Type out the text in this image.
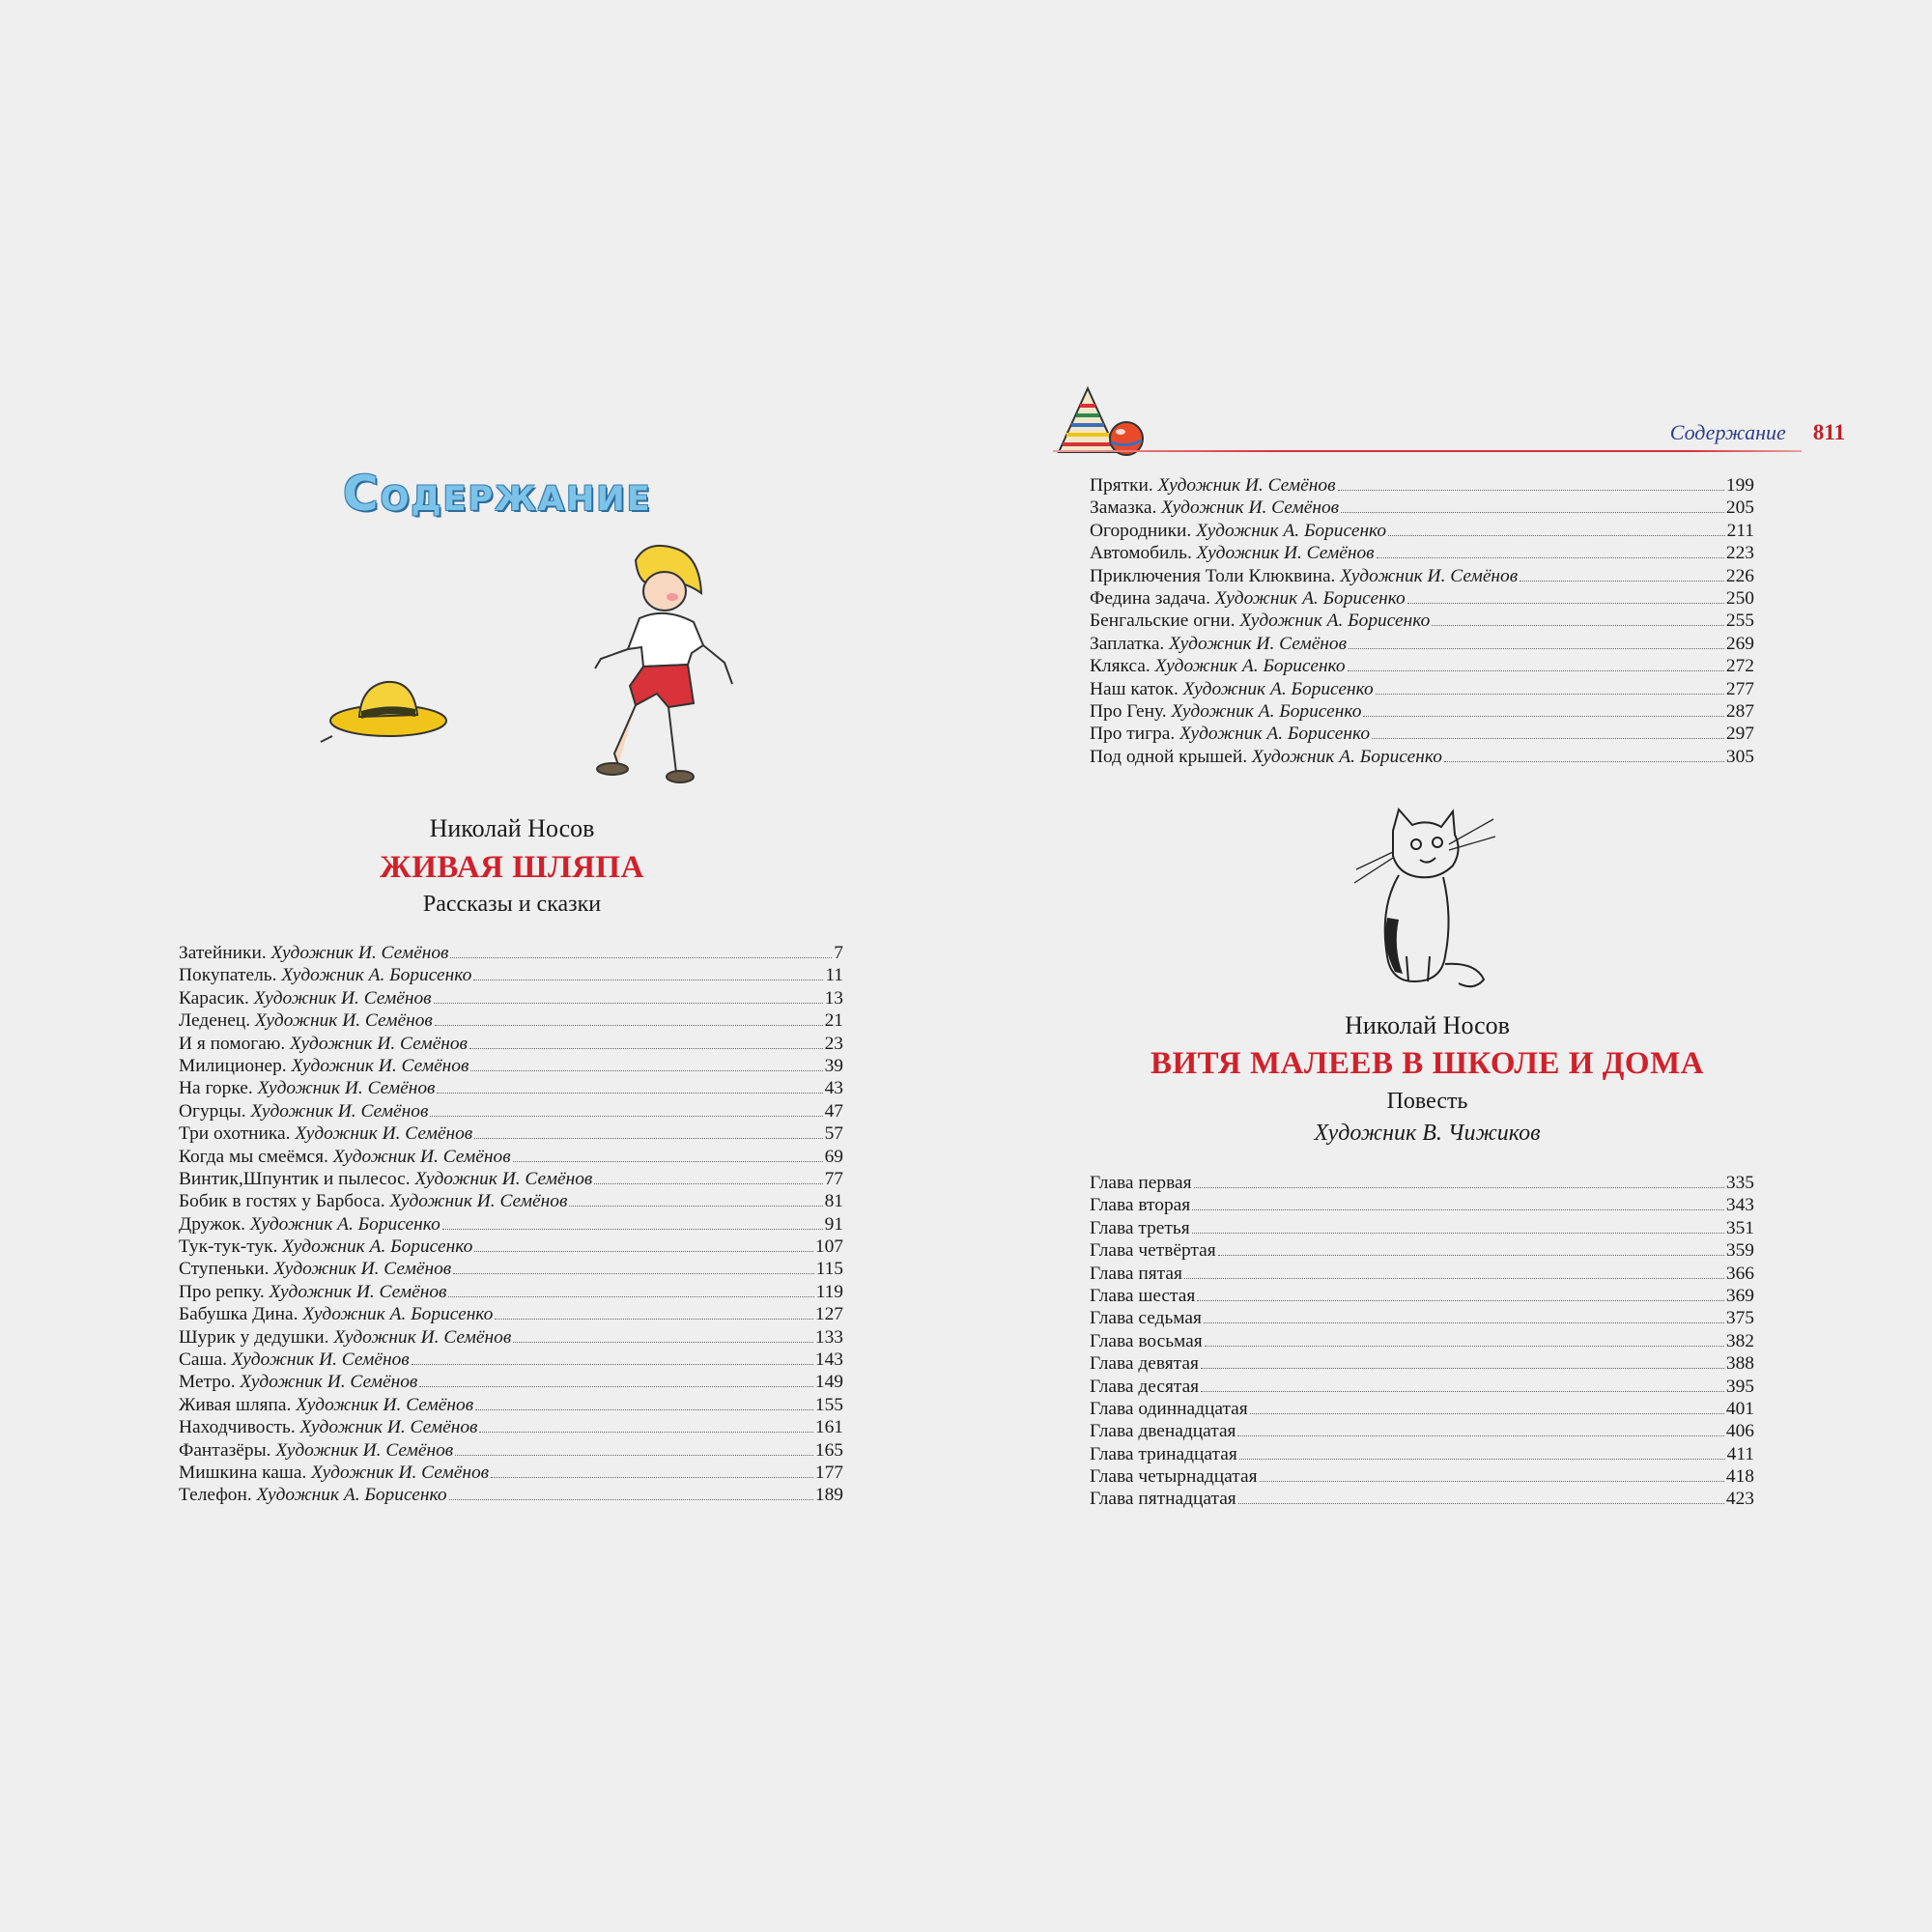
Содержание
Николай Носов
ЖИВАЯ ШЛЯПА
Рассказы и сказки
Затейники. Художник И. Семёнов	7
Покупатель. Художник А. Борисенко	11
Карасик. Художник И. Семёнов	13
Леденец. Художник И. Семёнов	21
И я помогаю. Художник И. Семёнов	23
Милиционер. Художник И. Семёнов	39
На горке. Художник И. Семёнов	43
Огурцы. Художник И. Семёнов	47
Три охотника. Художник И. Семёнов	57
Когда мы смеёмся. Художник И. Семёнов	69
Винтик,Шпунтик и пылесос. Художник И. Семёнов	77
Бобик в гостях у Барбоса. Художник И. Семёнов	81
Дружок. Художник А. Борисенко	91
Тук-тук-тук. Художник А. Борисенко	107
Ступеньки. Художник И. Семёнов	115
Про репку. Художник И. Семёнов	119
Бабушка Дина. Художник А. Борисенко	127
Шурик у дедушки. Художник И. Семёнов	133
Саша. Художник И. Семёнов	143
Метро. Художник И. Семёнов	149
Живая шляпа. Художник И. Семёнов	155
Находчивость. Художник И. Семёнов	161
Фантазёры. Художник И. Семёнов	165
Мишкина каша. Художник И. Семёнов	177
Телефон. Художник А. Борисенко	189
Содержание 811
Прятки. Художник И. Семёнов	199
Замазка. Художник И. Семёнов	205
Огородники. Художник А. Борисенко	211
Автомобиль. Художник И. Семёнов	223
Приключения Толи Клюквина. Художник И. Семёнов	226
Федина задача. Художник А. Борисенко	250
Бенгальские огни. Художник А. Борисенко	255
Заплатка. Художник И. Семёнов	269
Клякса. Художник А. Борисенко	272
Наш каток. Художник А. Борисенко	277
Про Гену. Художник А. Борисенко	287
Про тигра. Художник А. Борисенко	297
Под одной крышей. Художник А. Борисенко	305
Николай Носов
ВИТЯ МАЛЕЕВ В ШКОЛЕ И ДОМА
Повесть
Художник В. Чижиков
Глава первая	335
Глава вторая	343
Глава третья	351
Глава четвёртая	359
Глава пятая	366
Глава шестая	369
Глава седьмая	375
Глава восьмая	382
Глава девятая	388
Глава десятая	395
Глава одиннадцатая	401
Глава двенадцатая	406
Глава тринадцатая	411
Глава четырнадцатая	418
Глава пятнадцатая	423
